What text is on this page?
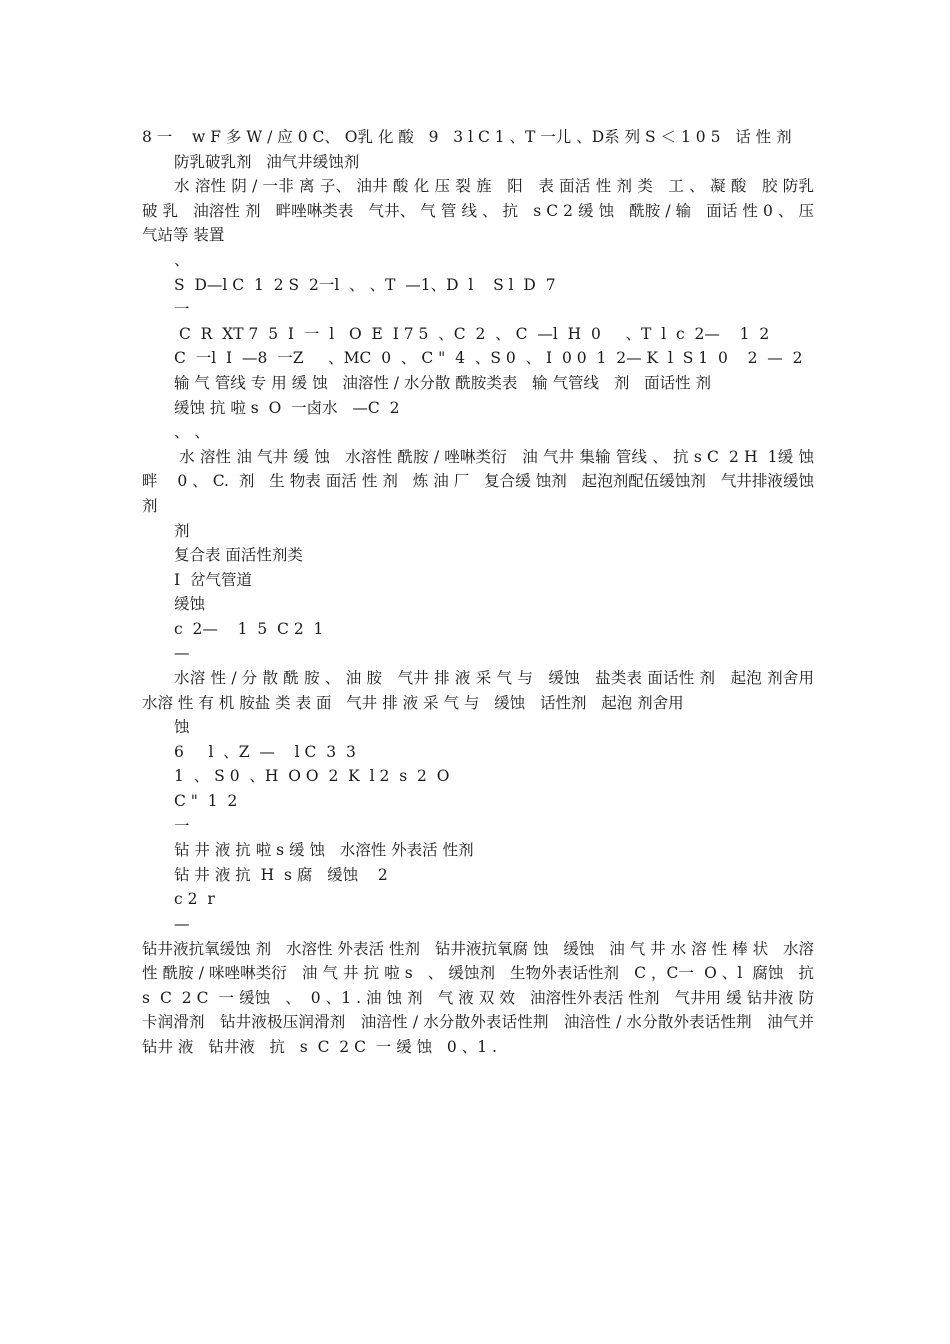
8 一    w F 多 W / 应 0 C、 O乳 化 酸   9   3 l C 1 、T 一儿 、D系 列 S ＜ 1 0 5   话 性 剂

防乳破乳剂   油气井缓蚀剂

水 溶性 阴 / 一非 离 子、 油井 酸 化 压 裂 旌   阳   表 面活 性 剂 类   工 、 凝 酸   胶 防乳 破 乳   油溶性 剂   畔唑啉类表   气井、 气 管 线 、 抗   s C 2 缓 蚀   酰胺 / 输   面话 性 0 、 压气站等 装置

、

S  D—l C  1  2 S  2一l  、 、T  —1、D  l    S l  D  7

一

C  R  XT 7  5  I  一  l   O  E  I 7 5  、C  2  、 C  —l  H  0     、T  l  c  2—    1  2

C  一l  I  —8  一Z     、MC  0  、 C "  4  、S 0  、 I  0 0  1  2— K  l  S 1  0    2  —  2

输 气 管线 专 用 缓 蚀   油溶性 / 水分散 酰胺类表   输 气管线   剂   面话性 剂

缓蚀 抗 啦 s  O  一卤水   —C  2

、 、

水 溶性 油 气井 缓 蚀   水溶性 酰胺 / 唑啉类衍   油 气井 集输 管线 、 抗 s C  2 H  1缓 蚀   畔    0 、 C.  剂   生 物表 面活 性 剂   炼 油 厂   复合缓 蚀剂   起泡剂配伍缓蚀剂   气井排液缓蚀 剂

剂

复合表 面活性剂类

I  岔气管道

缓蚀

c  2—    1  5  C 2  1

—

水溶 性 / 分 散 酰 胺 、 油 胺   气井 排 液 采 气 与   缓蚀   盐类表 面话性 剂   起泡 剂舍用   水溶 性 有 机 胺盐 类 表 面   气井 排 液 采 气 与   缓蚀   话性剂   起泡 剂舍用

蚀

6     l  、Z  —    l C  3  3

1  、 S 0  、H  O O  2  K  l 2  s  2  O

C "  1  2

一

钻 井 液 抗 啦 s 缓 蚀   水溶性 外表活 性剂

钻 井 液 抗  H  s 腐   缓蚀    2

c 2  r

—

钻井液抗氧缓蚀 剂   水溶性 外表活 性剂   钻井液抗氧腐 蚀   缓蚀   油 气 井 水 溶 性 棒 状   水溶性 酰胺 / 咪唑啉类衍   油 气 井 抗 啦 s   、 缓蚀剂   生物外表话性剂   C ，C一  O 、l  腐蚀   抗   s  C  2 C  一 缓蚀   、  0 、1 . 油 蚀 剂   气 液 双 效   油溶性外表活 性剂   气井用 缓 钻井液 防卡润滑剂   钻井液极压润滑剂   油涪性 / 水分散外表话性荆   油涪性 / 水分散外表话性荆   油气并   钻井 液   钻井液   抗   s  C  2 C  一 缓 蚀   0 、1 .
